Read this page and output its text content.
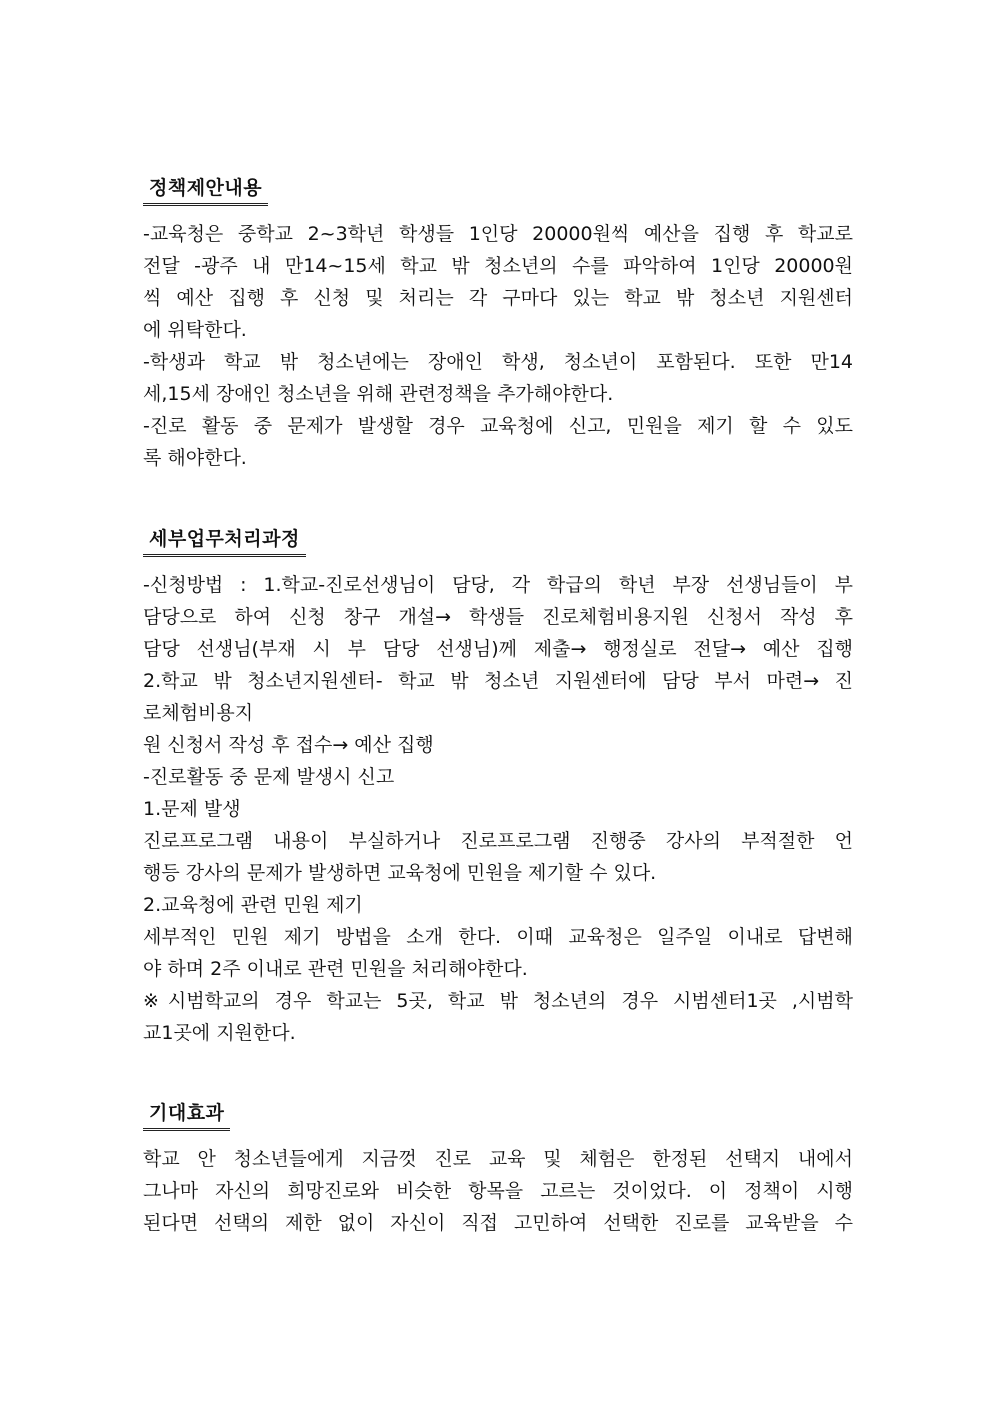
정책제안내용
-교육청은 중학교 2~3학년 학생들 1인당 20000원씩 예산을 집행 후 학교로
전달 -광주 내 만14~15세 학교 밖 청소년의 수를 파악하여 1인당 20000원
씩 예산 집행 후 신청 및 처리는 각 구마다 있는 학교 밖 청소년 지원센터
에 위탁한다.
-학생과 학교 밖 청소년에는 장애인 학생, 청소년이 포함된다. 또한 만14
세,15세 장애인 청소년을 위해 관련정책을 추가해야한다.
-진로 활동 중 문제가 발생할 경우 교육청에 신고, 민원을 제기 할 수 있도
록 해야한다.
세부업무처리과정
-신청방법 : 1.학교-진로선생님이 담당, 각 학급의 학년 부장 선생님들이 부
담당으로 하여 신청 창구 개설→ 학생들 진로체험비용지원 신청서 작성 후
담당 선생님(부재 시 부 담당 선생님)께 제출→ 행정실로 전달→ 예산 집행
2.학교 밖 청소년지원센터- 학교 밖 청소년 지원센터에 담당 부서 마련→ 진
로체험비용지
원 신청서 작성 후 접수→ 예산 집행
-진로활동 중 문제 발생시 신고
1.문제 발생
진로프로그램 내용이 부실하거나 진로프로그램 진행중 강사의 부적절한 언
행등 강사의 문제가 발생하면 교육청에 민원을 제기할 수 있다.
2.교육청에 관련 민원 제기
세부적인 민원 제기 방법을 소개 한다. 이때 교육청은 일주일 이내로 답변해
야 하며 2주 이내로 관련 민원을 처리해야한다.
※시범학교의 경우 학교는 5곳, 학교 밖 청소년의 경우 시범센터1곳 ,시범학
교1곳에 지원한다.
기대효과
학교 안 청소년들에게 지금껏 진로 교육 및 체험은 한정된 선택지 내에서
그나마 자신의 희망진로와 비슷한 항목을 고르는 것이었다. 이 정책이 시행
된다면 선택의 제한 없이 자신이 직접 고민하여 선택한 진로를 교육받을 수
